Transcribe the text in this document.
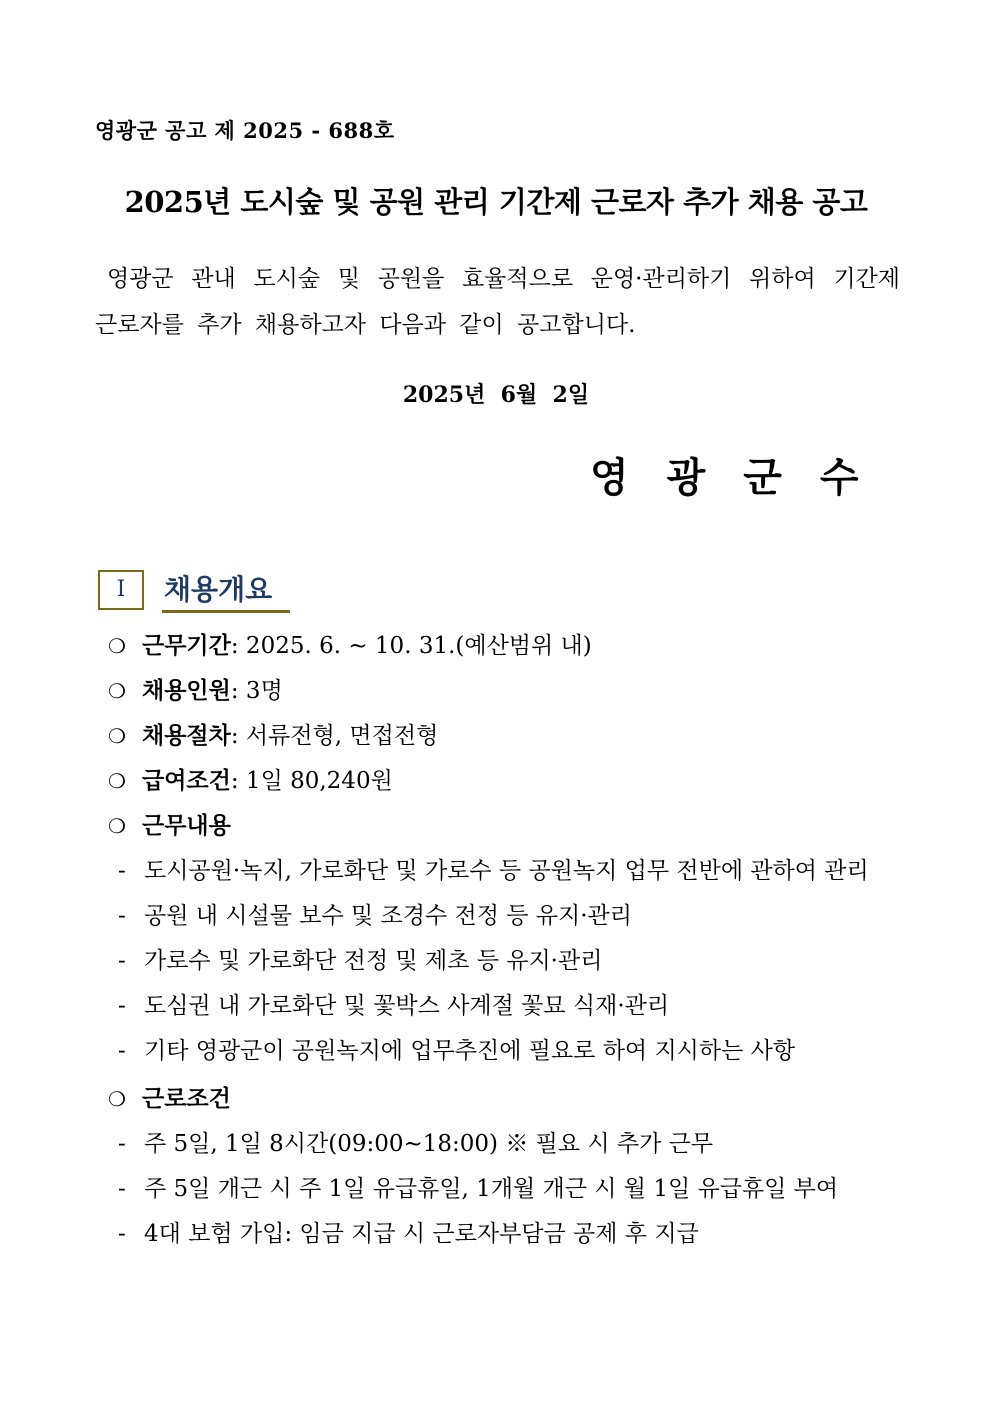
영광군 공고 제 2025 - 688호
2025년 도시숲 및 공원 관리 기간제 근로자 추가 채용 공고
영광군 관내 도시숲 및 공원을 효율적으로 운영·관리하기 위하여 기간제 근로자를 추가 채용하고자 다음과 같이 공고합니다.
2025년  6월  2일
영광군수
I	채용개요
❍ 근무기간: 2025. 6. ∼ 10. 31.(예산범위 내)
❍ 채용인원: 3명
❍ 채용절차: 서류전형, 면접전형
❍ 급여조건: 1일 80,240원
❍ 근무내용
- 도시공원·녹지, 가로화단 및 가로수 등 공원녹지 업무 전반에 관하여 관리
- 공원 내 시설물 보수 및 조경수 전정 등 유지·관리
- 가로수 및 가로화단 전정 및 제초 등 유지·관리
- 도심권 내 가로화단 및 꽃박스 사계절 꽃묘 식재·관리
- 기타 영광군이 공원녹지에 업무추진에 필요로 하여 지시하는 사항
❍ 근로조건
- 주 5일, 1일 8시간(09:00∼18:00) ※ 필요 시 추가 근무
- 주 5일 개근 시 주 1일 유급휴일, 1개월 개근 시 월 1일 유급휴일 부여
- 4대 보험 가입: 임금 지급 시 근로자부담금 공제 후 지급
